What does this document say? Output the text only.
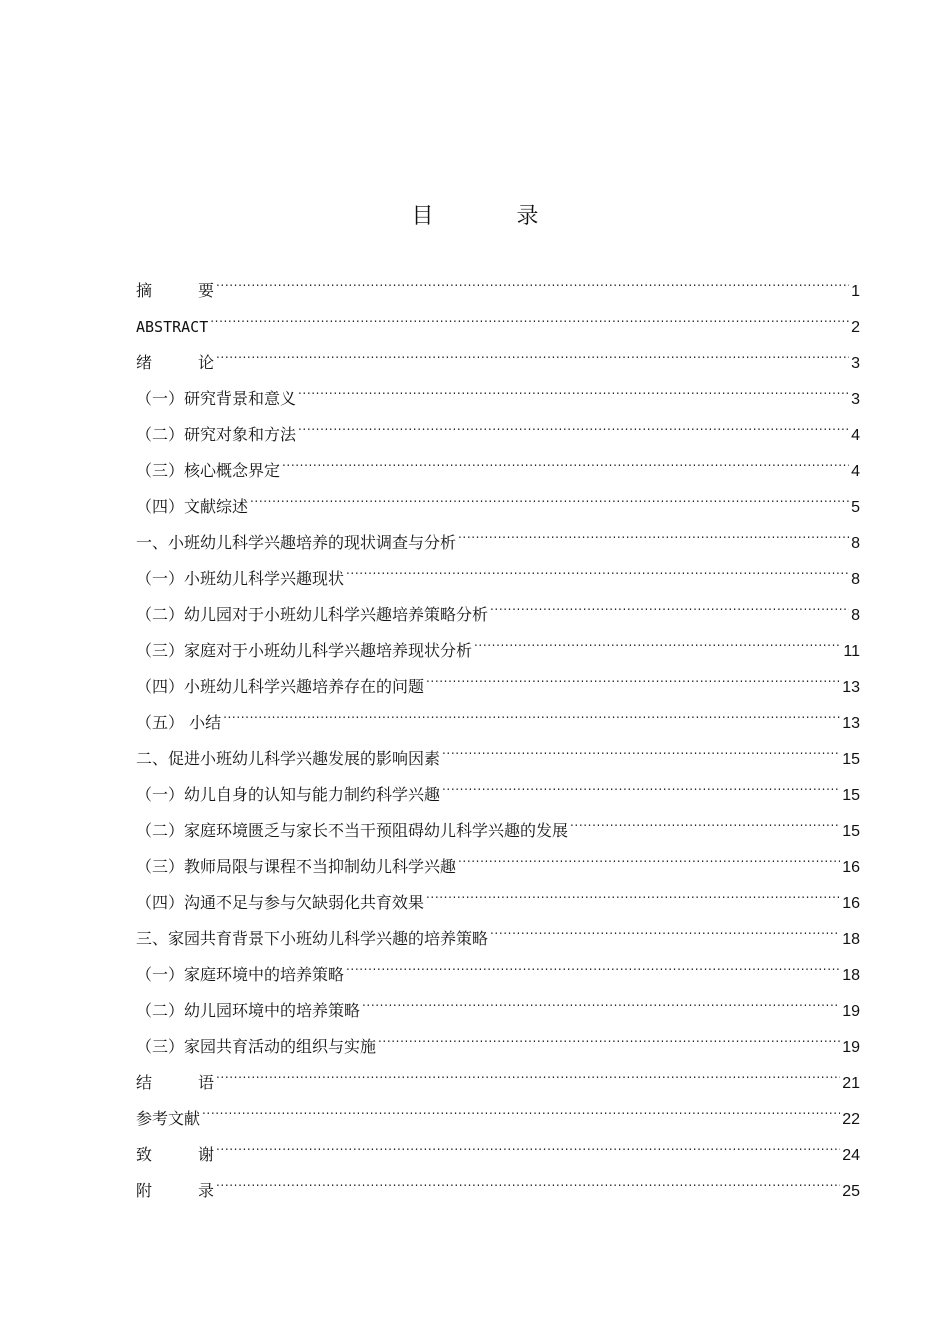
目 录
摘 要 .....	1
ABSTRACT .....	2
绪 论 .....	3
（一）研究背景和意义 .....	3
（二）研究对象和方法 .....	4
（三）核心概念界定 .....	4
（四）文献综述 .....	5
一、小班幼儿科学兴趣培养的现状调查与分析 .....	8
（一）小班幼儿科学兴趣现状 .....	8
（二）幼儿园对于小班幼儿科学兴趣培养策略分析 .....	8
（三）家庭对于小班幼儿科学兴趣培养现状分析 .....	11
（四）小班幼儿科学兴趣培养存在的问题 .....	13
（五） 小结 .....	13
二、促进小班幼儿科学兴趣发展的影响因素 .....	15
（一）幼儿自身的认知与能力制约科学兴趣 .....	15
（二）家庭环境匮乏与家长不当干预阻碍幼儿科学兴趣的发展 .....	15
（三）教师局限与课程不当抑制幼儿科学兴趣 .....	16
（四）沟通不足与参与欠缺弱化共育效果 .....	16
三、家园共育背景下小班幼儿科学兴趣的培养策略 .....	18
（一）家庭环境中的培养策略 .....	18
（二）幼儿园环境中的培养策略 .....	19
（三）家园共育活动的组织与实施 .....	19
结 语 .....	21
参考文献 .....	22
致 谢 .....	24
附 录 .....	25
